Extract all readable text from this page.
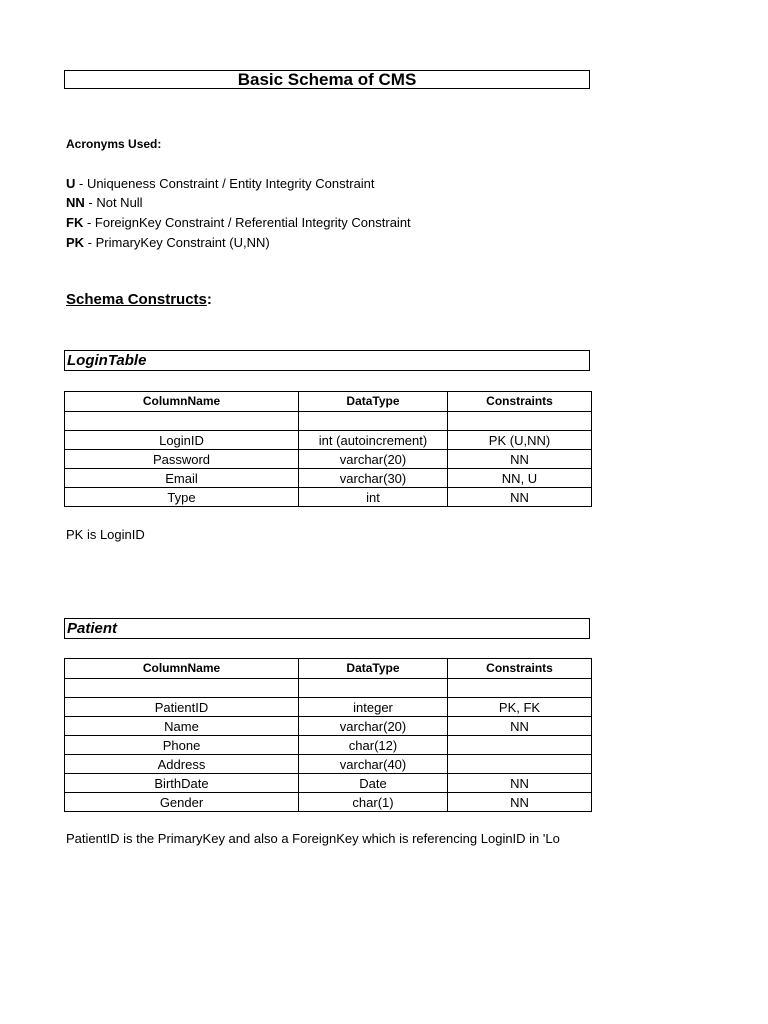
Basic Schema of CMS
Acronyms Used:
U - Uniqueness Constraint / Entity Integrity Constraint
NN - Not Null
FK - ForeignKey Constraint / Referential Integrity Constraint
PK - PrimaryKey Constraint (U,NN)
Schema Constructs:
LoginTable
ColumnName	DataType	Constraints

LoginID	int (autoincrement)	PK (U,NN)
Password	varchar(20)	NN
Email	varchar(30)	NN, U
Type	int	NN
PK is LoginID
Patient
ColumnName	DataType	Constraints

PatientID	integer	PK, FK
Name	varchar(20)	NN
Phone	char(12)	
Address	varchar(40)	
BirthDate	Date	NN
Gender	char(1)	NN
PatientID is the PrimaryKey and also a ForeignKey which is referencing LoginID in 'Lo
